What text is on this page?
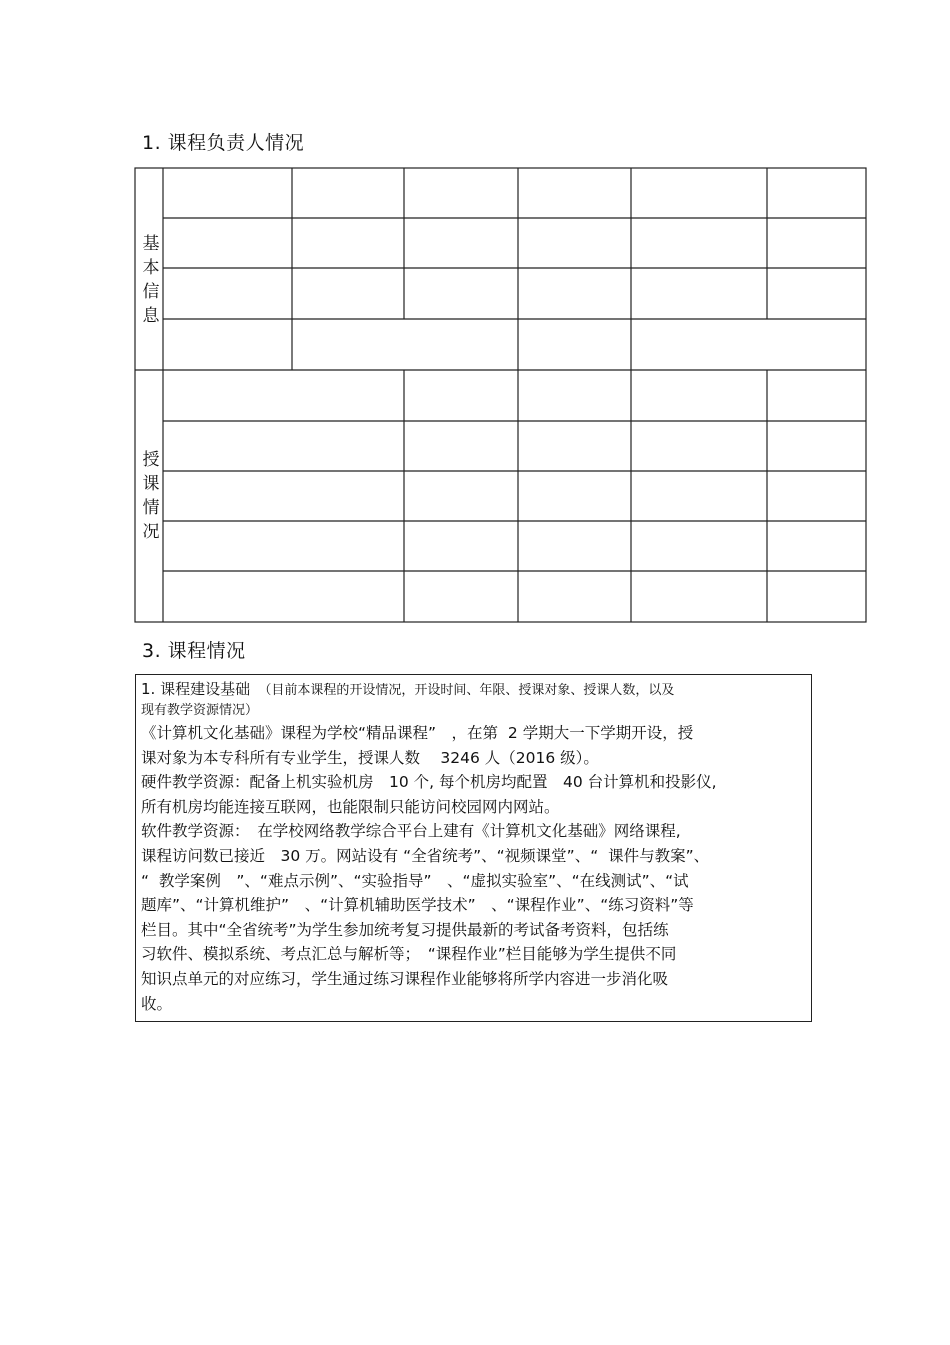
1. 课程负责人情况
基
本
信
息
授
课
情
况
3. 课程情况
1. 课程建设基础 （目前本课程的开设情况，开设时间、年限、授课对象、授课人数，以及
现有教学资源情况）
《计算机文化基础》课程为学校“精品课程”　，在第  2 学期大一下学期开设，授
课对象为本专科所有专业学生，授课人数　 3246 人（2016 级）。
硬件教学资源：配备上机实验机房　10 个, 每个机房均配置　40 台计算机和投影仪,
所有机房均能连接互联网，也能限制只能访问校园网内网站。
软件教学资源：　在学校网络教学综合平台上建有《计算机文化基础》网络课程,
课程访问数已接近　30 万。网站设有 “全省统考”、“视频课堂”、“  课件与教案”、
“  教学案例　”、“难点示例”、“实验指导”　、“虚拟实验室”、“在线测试”、“试
题库”、“计算机维护”　、“计算机辅助医学技术”　、“课程作业”、“练习资料”等
栏目。其中“全省统考”为学生参加统考复习提供最新的考试备考资料，包括练
习软件、模拟系统、考点汇总与解析等；　“课程作业”栏目能够为学生提供不同
知识点单元的对应练习，学生通过练习课程作业能够将所学内容进一步消化吸
收。
